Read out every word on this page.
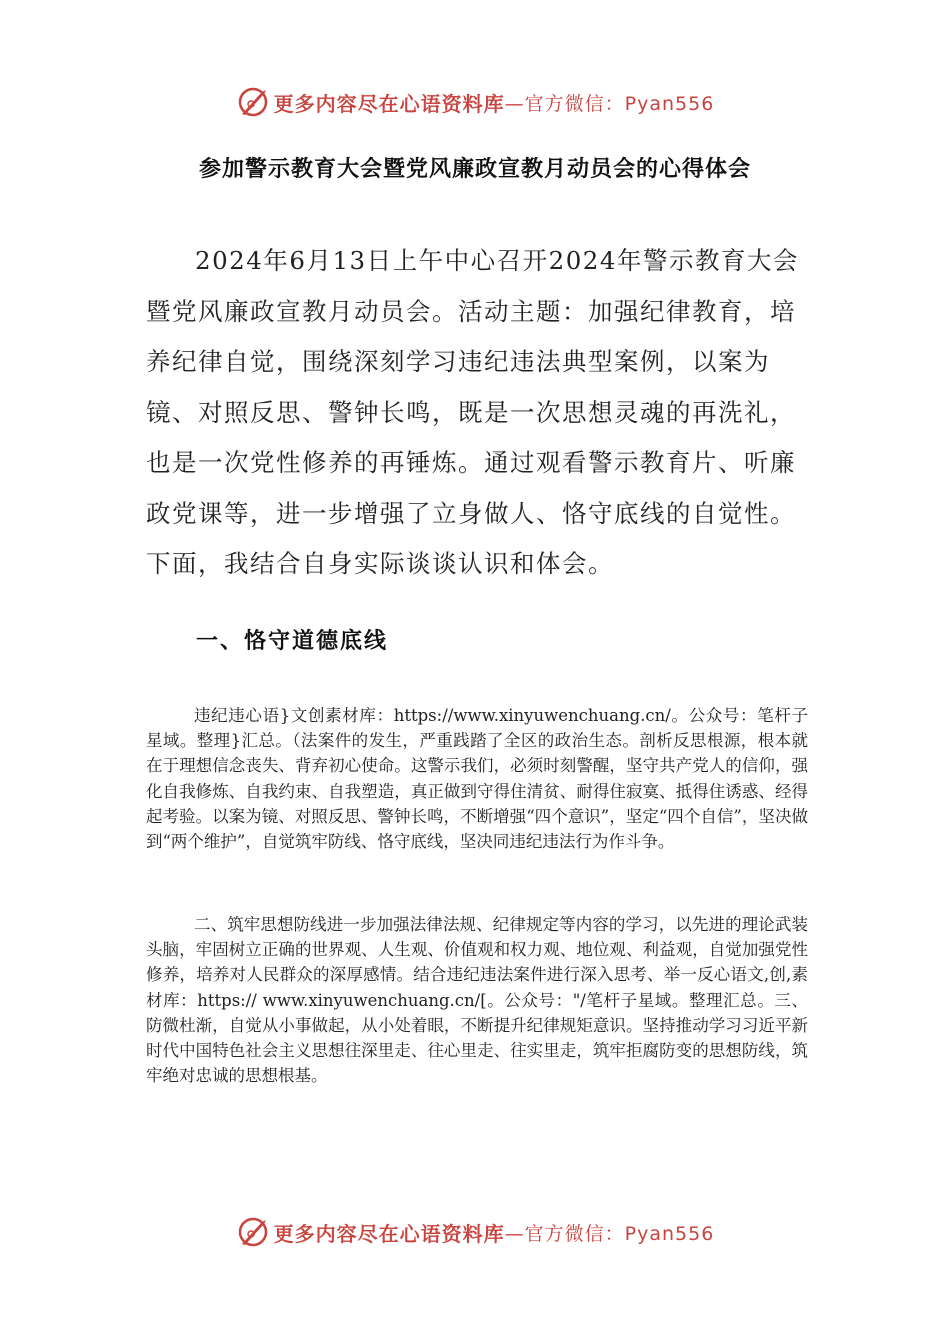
更多内容尽在心语资料库 —官方微信：Pyan556
参加警示教育大会暨党风廉政宣教月动员会的心得体会

2024年6月13日上午中心召开2024年警示教育大会暨党风廉政宣教月动员会。活动主题：加强纪律教育，培养纪律自觉，围绕深刻学习违纪违法典型案例，以案为镜、对照反思、警钟长鸣，既是一次思想灵魂的再洗礼，也是一次党性修养的再锤炼。通过观看警示教育片、听廉政党课等，进一步增强了立身做人、恪守底线的自觉性。下面，我结合自身实际谈谈认识和体会。

一、恪守道德底线

违纪违心语}文创素材库：https://www.xinyuwenchuang.cn/。公众号：笔杆子星域。整理}汇总。（法案件的发生，严重践踏了全区的政治生态。剖析反思根源，根本就在于理想信念丧失、背弃初心使命。这警示我们，必须时刻警醒，坚守共产党人的信仰，强化自我修炼、自我约束、自我塑造，真正做到守得住清贫、耐得住寂寞、抵得住诱惑、经得起考验。以案为镜、对照反思、警钟长鸣，不断增强“四个意识”，坚定“四个自信”，坚决做到“两个维护”，自觉筑牢防线、恪守底线，坚决同违纪违法行为作斗争。

二、筑牢思想防线进一步加强法律法规、纪律规定等内容的学习，以先进的理论武装头脑，牢固树立正确的世界观、人生观、价值观和权力观、地位观、利益观，自觉加强党性修养，培养对人民群众的深厚感情。结合违纪违法案件进行深入思考、举一反心语文,创,素材库：https:// www.xinyuwenchuang.cn/[。公众号："/笔杆子星域。整理汇总。三、防微杜渐，自觉从小事做起，从小处着眼，不断提升纪律规矩意识。坚持推动学习习近平新时代中国特色社会主义思想往深里走、往心里走、往实里走，筑牢拒腐防变的思想防线，筑牢绝对忠诚的思想根基。

更多内容尽在心语资料库 —官方微信：Pyan556
